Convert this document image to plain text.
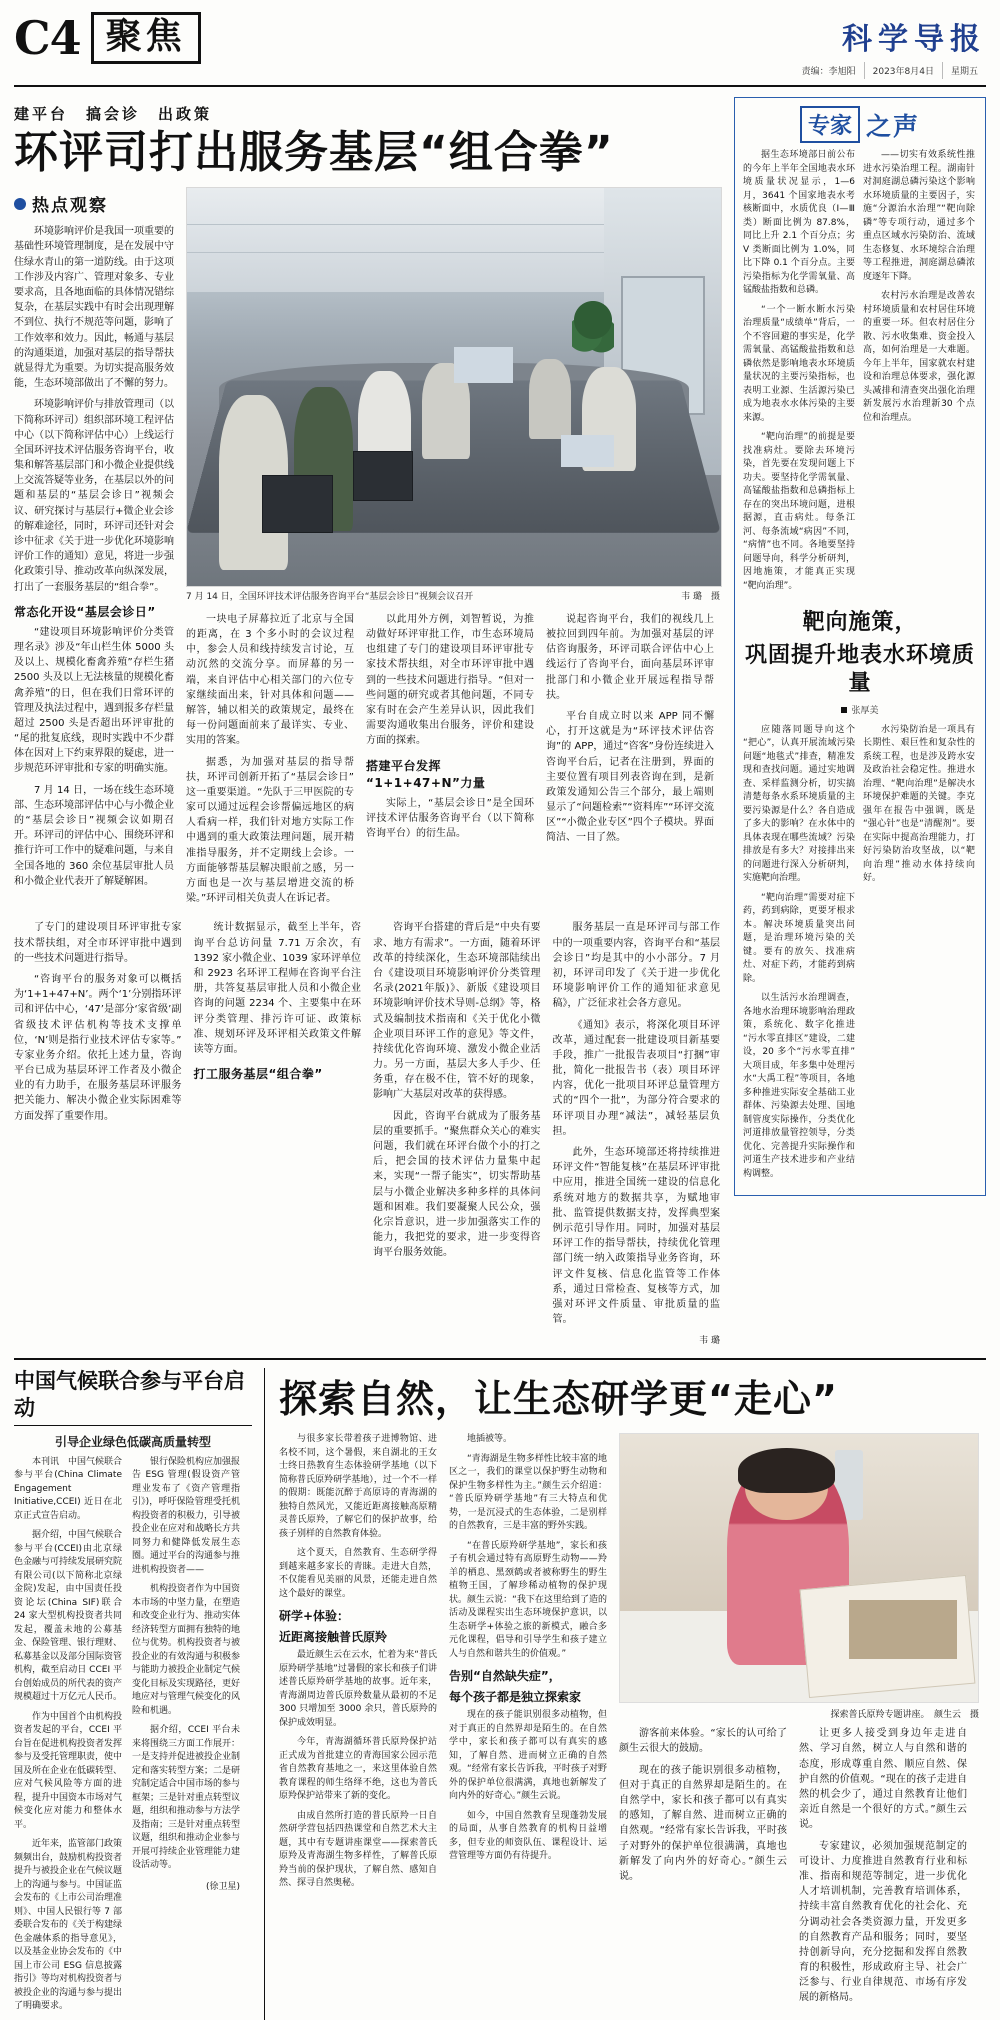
C4 聚焦	科学导报
责编：李旭阳	2023年8月4日	星期五
建平台　搞会诊　出政策
环评司打出服务基层“组合拳”
热点观察

环境影响评价是我国一项重要的基础性环境管理制度，是在发展中守住绿水青山的第一道防线。由于这项工作涉及内容广、管理对象多、专业要求高，且各地面临的具体情况错综复杂，在基层实践中有时会出现理解不到位、执行不规范等问题，影响了工作效率和效力。因此，畅通与基层的沟通渠道，加强对基层的指导帮扶就显得尤为重要。为切实提高服务效能，生态环境部做出了不懈的努力。

环境影响评价与排放管理司（以下简称环评司）组织部环境工程评估中心（以下简称评估中心）上线运行全国环评技术评估服务咨询平台，收集和解答基层部门和小微企业提供线上交流答疑等业务，在基层以外的问题和基层的“基层会诊日”视频会议、研究探讨与基层行+微企业会诊的解难途径，同时，环评司还针对会诊中征求《关于进一步优化环境影响评价工作的通知）意见，将进一步强化政策引导、推动改革向纵深发展，打出了一套服务基层的“组合拳”。

常态化开设“基层会诊日”

“建设项目环境影响评价分类管理名录》涉及“年山栏生体 5000 头及以上、规模化畜禽养殖”存栏生猪 2500 头及以上无法核量的规模化畜禽养殖”的日，但在我们日常环评的管理及执法过程中，遇到报多存栏量超过 2500 头是否超出环评审批的“尾的批复底线，现时实践中不少群体在因对上下约束界限的疑虑，进一步规范环评审批和专家的明确实施。

7 月 14 日，一场在线生态环境部、生态环境部评估中心与小微企业的“基层会诊日”视频会议如期召开。环评司的评估中心、围绕环评和推行许可工作中的疑难问题，与来自全国各地的 360 余位基层审批人员和小微企业代表开了解疑解困。

韦 璐　摄
7 月 14 日，全国环评技术评估服务咨询平台“基层会诊日”视频会议召开

一块电子屏幕拉近了北京与全国的距离，在 3 个多小时的会议过程中，参会人员和线持续发言讨论，互动沉然的交流分享。而屏幕的另一端，来自评估中心相关部门的六位专家继续面出来，针对具体和问题——解答，辅以相关的政策规定，最终在每一份问题面前来了最详实、专业、实用的答案。

据悉，为加强对基层的指导帮扶，环评司创新开拓了“基层会诊日”这一重要渠道。“先队于三甲医院的专家可以通过远程会诊帮偏远地区的病人看病一样，我们针对地方实际工作中遇到的重大政策法理问题，展开精准指导服务，并不定期线上会诊。一方面能够帮基层解决眼前之感，另一方面也是一次与基层增进交流的桥梁。”环评司相关负责人在诉记者。

以此用外方例，刘智暂说，为推动做好环评审批工作，市生态环境局也组建了专门的建设项目环评审批专家技术帮扶组，对全市环评审批中遇到的一些技术问题进行指导。“但对一些问题的研究或者其他问题，不同专家有时在会产生差异认识，因此我们需要沟通收集出台服务，评价和建设方面的探索。

搭建平台发挥“1+1+47+N”力量

实际上，“基层会诊日”是全国环评技术评估服务咨询平台（以下简称咨询平台）的衍生品。

说起咨询平台，我们的视线几上被拉回到四年前。为加强对基层的评估咨询服务，环评司联合评估中心上线运行了咨询平台，面向基层环评审批部门和小微企业开展远程指导帮扶。

平台自成立时以来 APP 同不懈心，打开这就是为“环评技术评估咨询”的 APP，通过“咨客”身份连续进入咨询平台后，记者在注册到，界面的主要位置有项目列表咨询在到，是新政策发通知公告三个部分，最上端则显示了“问题检索”“资料库”“环评交流区”“小微企业专区”四个子模块。界面简洁、一目了然。

了专门的建设项目环评审批专家技术帮扶组，对全市环评审批中遇到的一些技术问题进行指导。

“咨询平台的服务对象可以概括为‘1+1+47+N’。两个‘1’分别指环评司和评估中心，‘47’是部分‘家省级’副省级技术评估机构等技术支撑单位，‘N’则是指行业技术评估专家等。”专家业务介绍。依托上述力量，咨询平台已成为基层环评工作者及小微企业的有力助手，在服务基层环评服务把关能力、解决小微企业实际困难等方面发挥了重要作用。

统计数据显示，截至上半年，咨询平台总访问量 7.71 万余次，有 1392 家小微企业、1039 家环评单位和 2923 名环评工程师在咨询平台注册，共答复基层审批人员和小微企业咨询的问题 2234 个、主要集中在环评分类管理、排污许可证、政策标准、规划环评及环评相关政策文件解读等方面。

打工服务基层“组合拳”

咨询平台搭建的背后是“中央有要求、地方有需求”。一方面，随着环评改革的持续深化，生态环境部陆续出台《建设项目环境影响评价分类管理名录(2021年版)》、新版《建设项目环境影响评价技术导则-总纲》等，格式及编制技术指南和《关于优化小微企业项目环评工作的意见》等文件，持续优化咨询环境、激发小微企业活力。另一方面，基层大多人手少、任务重，存在极不住，管不好的现象，影响广大基层对改革的获得感。

因此，咨询平台就成为了服务基层的重要抓手。“聚焦群众关心的难实问题，我们就在环评台做个小的打之后，把会国的技术评估力量集中起来，实现“一帮子能实”，切实帮助基层与小微企业解决多种多样的具体问题和困难。我们要凝聚人民公众，强化宗旨意识，进一步加强落实工作的能力，我把党的要求，进一步变得咨询平台服务效能。

服务基层一直是环评司与部工作中的一项重要内容，咨询平台和“基层会诊日”均是其中的小小部分。7 月初，环评司印发了《关于进一步优化环境影响评价工作的通知征求意见稿》，广泛征求社会各方意见。

《通知》表示，将深化项目环评改革，通过配套一批建设项目新基要手段，推广一批报告表项目“打捆”审批，简化一批报告书（表）项目环评内容，优化一批项目环评总量管理方式的“四个一批”，为部分符合要求的环评项目办理“减法”，减轻基层负担。

此外，生态环境部还将持续推进环评文件“智能复核”在基层环评审批中应用，推进全国统一建设的信息化系统对地方的数据共享，为赋地审批、监管提供数据支持，发挥典型案例示范引导作用。同时，加强对基层环评工作的指导帮扶，持续优化管理部门统一纳入政策指导业务咨询，环评文件复核、信息化监管等工作体系，通过日常检查、复核等方式，加强对环评文件质量、审批质量的监管。

韦 璐
专家 之声

据生态环境部日前公布的今年上半年全国地表水环境质量状况显示，1—6 月，3641 个国家地表水考核断面中，水质优良（Ⅰ—Ⅲ类）断面比例为 87.8%，同比上升 2.1 个百分点；劣 V 类断面比例为 1.0%，同比下降 0.1 个百分点。主要污染指标为化学需氧量、高锰酸盐指数和总磷。

“一个一断水断水污染治理质量“成绩单”背后，一个不容回避的事实是，化学需氧量、高锰酸盐指数和总磷依然是影响地表水环境质量状况的主要污染指标，也表明工业源、生活源污染已成为地表水水体污染的主要来源。

“靶向治理”的前提是要找准病灶。要除去环境污染，首先要在发现问题上下功夫。要坚持化学需氧量、高锰酸盐指数和总磷指标上存在的突出环境问题，进根据源，直击病灶。每条江河、每条流域“病因”不同，“病情”也不同。各地要坚持问题导向，科学分析研判，因地施策，才能真正实现“靶向治理”。

——切实有效系统性推进水污染治理工程。湖南针对洞庭湖总磷污染这个影响水环境质量的主要因子，实施“分源治水治理”“靶向除磷”等专项行动，通过多个重点区域水污染防治、流域生态修复、水环境综合治理等工程推进，洞庭湖总磷浓度逐年下降。

农村污水治理是改善农村环境质量和农村居住环境的重要一环。但农村居住分散、污水收集难、资金投入高，如何治理是一大难题。今年上半年，国家就农村建设和治理总体要求，强化源头减排和清查突出强化治理新发展污水治理新30 个点位和治理点。

靶向施策，
巩固提升地表水环境质量
张厚美

应随落同题导向这个“把心”，认真开展流域污染问题“地毯式”排查，精准发现和查找问题。通过实地调查、采样监测分析，切实搞清楚每条水系环境质量的主要污染源是什么？各自造成了多大的影响？在水体中的具体表现在哪些流域？污染排放是有多大？对接排出来的问题进行深入分析研判，实施靶向治理。

“靶向治理”需要对症下药，药到病除，更要牙根求本。解决环境质量突出问题，是治理环境污染的关键。要有的放矢、找准病灶、对症下药，才能药到病除。

以生活污水治理调查，各地水治理环境影响治理政策，系统化、数字化推进“污水零直排区”建设，二建设，20 多个“污水零直排”大项目成，年多集中处理污水“大禹工程”等项目，各地多种推进实际安全基础工业群体、污染源去处理、国地制管度实际操作，分类优化河道排放量管控领导，分类优化、完善提升实际操作和河道生产技术进步和产业结构调整。

水污染防治是一项具有长期性、艰巨性和复杂性的系统工程，也是涉及跨水安及政治社会稳定性。推进水治理、“靶向治理”是解决水环境保护难题的关键。李克强年在报告中强调，既是“强心针”也是“清醒剂”。要在实际中提高治理能力，打好污染防治攻坚战，以“靶向治理”推动水体持续向好。

中国气候联合参与平台启动
引导企业绿色低碳高质量转型

本刊讯　中国气候联合参与平台(China Climate Engagement Initiative,CCEI) 近日在北京正式宣告启动。

据介绍，中国气候联合参与平台(CCEI)由北京绿色金融与可持续发展研究院有限公司(以下简称北京绿金院)发起，由中国责任投资论坛(China SIF)联合 24 家大型机构投资者共同发起，覆盖未地的公募基金、保险管理、银行理财、私募基金以及部分国际资管机构，截至启动日 CCEI 平台创始成员的所代表的资产规模超过十万亿元人民币。

作为中国首个由机构投资者发起的平台，CCEI 平台旨在促进机构投资者发挥参与及受托管理职责，使中国及所在企业在低碳转型、应对气候风险等方面的进程，提升中国资本市场对气候变化应对能力和整体水平。

近年来，监管部门政策频频出台，鼓励机构投资者提升与被投企业在气候议题上的沟通与参与。中国证监会发布的《上市公司治理准则》、中国人民银行等 7 部委联合发布的《关于构建绿色金融体系的指导意见》，以及基金业协会发布的《中国上市公司 ESG 信息披露指引》等均对机构投资者与被投企业的沟通与参与提出了明确要求。

银行保险机构应加强报告 ESG 管理(假设资产管理业发布了《资产管理指引》)，呼吁保险管理受托机构投资者的积极力，引导被投企业在应对和战略长方共同努力和健降低发展生态圈。通过平台的沟通参与推进机构投资者——

机构投资者作为中国资本市场的中坚力量，在塑造和改变企业行为、推动实体经济转型方面拥有独特的地位与优势。机构投资者与被投企业的有效沟通与积极参与能助力被投企业制定气候变化目标及实现路径，更好地应对与管理气候变化的风险和机遇。

据介绍，CCEI 平台未来将围绕三方面工作展开：一是支持并促进被投企业制定和落实转型方案；二是研究制定适合中国市场的参与框架；三是针对重点转型议题，组织和推动参与方法学及指南；三是针对重点转型议题，组织和推动企业参与开展可持续企业管理能力建设活动等。

(徐卫星)
探索自然，让生态研学更“走心”

与很多家长带着孩子进博物馆、进名校不同，这个暑假，来自湖北的王女士终日热教育生态体验研学基地（以下简称普氏原羚研学基地），过一个不一样的假期：既能沉醉于高原诗的青海湖的独特自然风光，又能近距离接触高原精灵普氏原羚，了解它们的保护故事，给孩子别样的自然教育体验。

这个夏天，自然教育、生态研学得到越来越多家长的青睐。走进大自然，不仅能看见美丽的风景，还能走进自然这个最好的课堂。

研学+体验：
近距离接触普氏原羚

最近颜生云在云水，忙着为来“普氏原羚研学基地”过暑假的家长和孩子们讲述普氏原羚研学基地的故事。近年来，青海湖周边普氏原羚数量从最初的不足 300 只增加至 3000 余只，普氏原羚的保护成效明显。

今年，青海湖循环普氏原羚保护站正式成为首批建立的青海国家公园示范省自然教育基地之一，来这里体验自然教育课程的师生络绎不绝，这也为普氏原羚保护站带来了新的变化。

由成自然所打造的普氏原羚一日自然研学营包括四热课堂和自然艺术大主题，其中有专题讲座课堂——探索普氏原羚及青海湖生物多样性，了解普氏原羚当前的保护现状，了解自然、感知自然、探寻自然奥秘。

地插被等。

“青海湖是生物多样性比较丰富的地区之一，我们的课堂以保护野生动物和保护生物多样性为主。”颜生云介绍道：“普氏原羚研学基地”有三大特点和优势，一是沉浸式的生态体验，二是别样的自然教育，三是丰富的野外实践。

“在普氏原羚研学基地”，家长和孩子有机会通过特有高原野生动物——羚羊的栖息、黑颈鹤或者被称野生的野生植物王国，了解珍稀动植物的保护现状。颜生云说：“我下在这里给到了造的活动及课程实出生态环境保护意识，以生态研学+体验之旅的新模式，融合多元化课程，倡导和引导学生和孩子建立人与自然和谐共生的价值观。”

告别“自然缺失症”，
每个孩子都是独立探索家

现在的孩子能识别很多动植物，但对于真正的自然界却是陌生的。在自然学中，家长和孩子都可以有真实的感知，了解自然、进而树立正确的自然观。“经常有家长告诉我，平时孩子对野外的保护单位很满满，真地也新解发了向内外的好奇心。”颜生云说。

如今，中国自然教育呈现蓬勃发展的局面，从事自然教育的机构日益增多，但专业的师资队伍、课程设计、运营管理等方面仍有待提升。

探索普氏原羚专题讲座。　颜生云　摄

游客前来体验。“家长的认可给了颜生云很大的鼓励。

现在的孩子能识别很多动植物，但对于真正的自然界却是陌生的。在自然学中，家长和孩子都可以有真实的感知，了解自然、进而树立正确的自然观。“经常有家长告诉我，平时孩子对野外的保护单位很满满，真地也新解发了向内外的好奇心。”颜生云说。

让更多人接受到身边年走进自然、学习自然，树立人与自然和谐的态度，形成尊重自然、顺应自然、保护自然的价值观。“现在的孩子走进自然的机会少了，通过自然教育让他们亲近自然是一个很好的方式。”颜生云说。

专家建议，必须加强规范制定的可设计、力度推进自然教育行业和标准、指南和规范等制定，进一步优化人才培训机制，完善教育培训体系，持续丰富自然教育优化的社会化、充分调动社会各类资源力量，开发更多的自然教育产品和服务；同时，要坚持创新导向，充分挖掘和发挥自然教育的积极性，形成政府主导、社会广泛参与、行业自律规范、市场有序发展的新格局。
